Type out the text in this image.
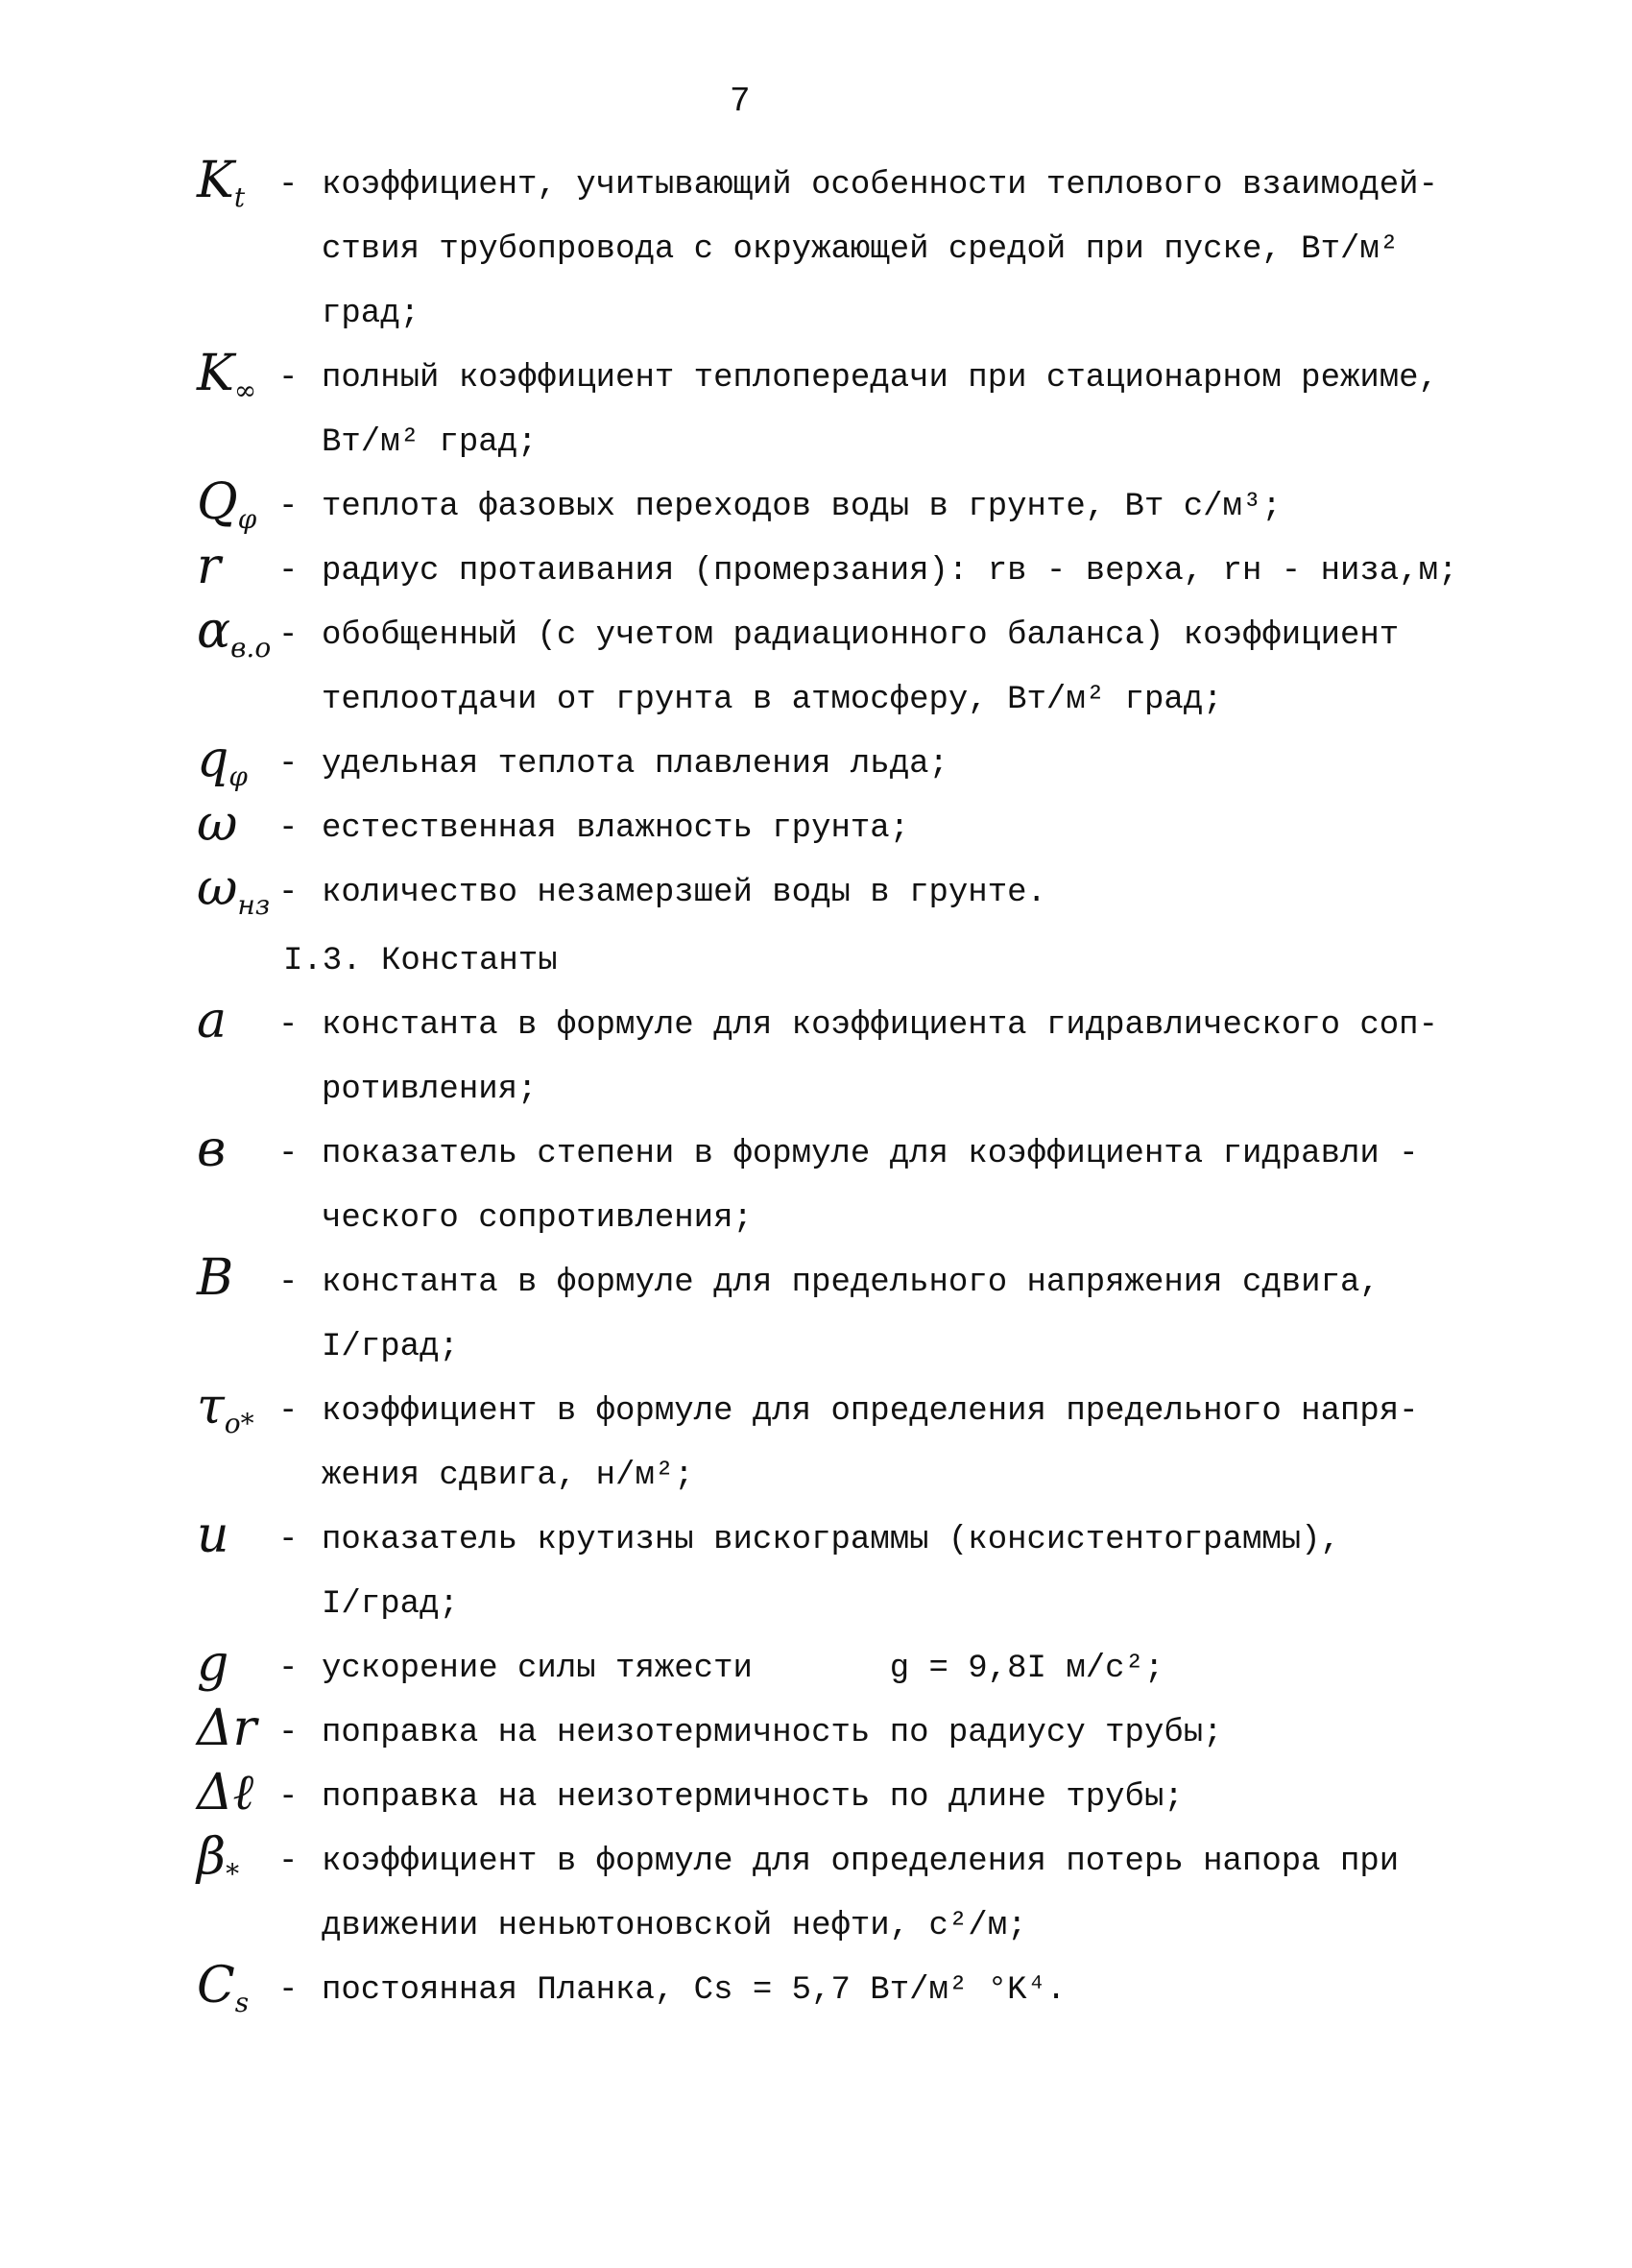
7
$K_t$ - коэффициент, учитывающий особенности теплового взаимодей-
ствия трубопровода с окружающей средой при пуске, Вт/м²
град;
$K_\infty$ - полный коэффициент теплопередачи при стационарном режиме,
Вт/м² град;
$Q_\varphi$ - теплота фазовых переходов воды в грунте, Вт с/м³;
r - радиус протаивания (промерзания): rв - верха, rн - низа,м;
$\alpha_{в.о}$ - обобщенный (с учетом радиационного баланса) коэффициент
теплоотдачи от грунта в атмосферу, Вт/м² град;
$q_\varphi$ - удельная теплота плавления льда;
ω - естественная влажность грунта;
$\omega_{нз}$ - количество незамерзшей воды в грунте.
I.3. Константы
a - константа в формуле для коэффициента гидравлического соп-
ротивления;
в - показатель степени в формуле для коэффициента гидравли -
ческого сопротивления;
B - константа в формуле для предельного напряжения сдвига,
I/град;
$\tau_{о*}$ - коэффициент в формуле для определения предельного напря-
жения сдвига, н/м²;
u - показатель крутизны вискограммы (консистентограммы),
I/град;
g - ускорение силы тяжести       g = 9,8I м/с²;
Δr - поправка на неизотермичность по радиусу трубы;
Δℓ - поправка на неизотермичность по длине трубы;
$\beta_*$ - коэффициент в формуле для определения потерь напора при
движении неньютоновской нефти, с²/м;
$C_s$ - постоянная Планка, Cs = 5,7 Вт/м² °K⁴.
